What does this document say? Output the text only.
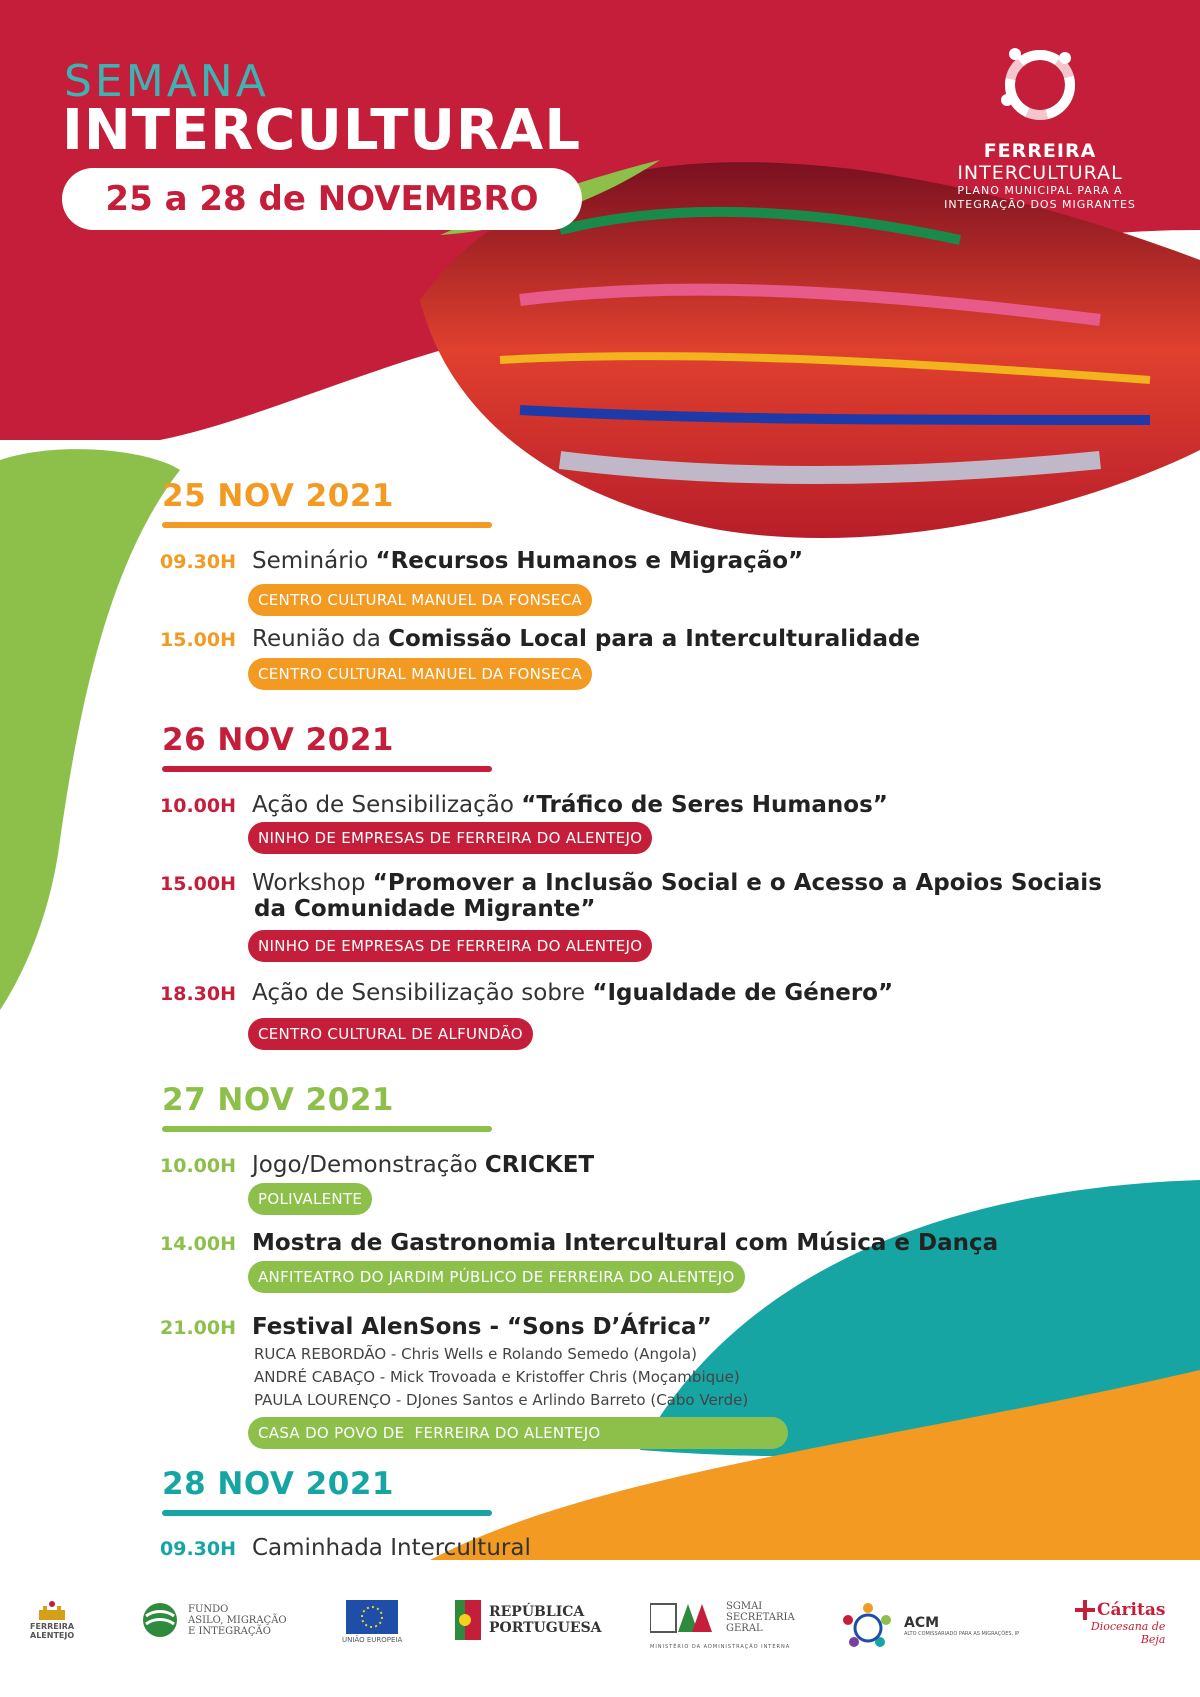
SEMANA
INTERCULTURAL
25 a 28 de NOVEMBRO
FERREIRA
INTERCULTURAL
PLANO MUNICIPAL PARA A
INTEGRAÇÃO DOS MIGRANTES
25 NOV 2021
09.30H Seminário “Recursos Humanos e Migração”
CENTRO CULTURAL MANUEL DA FONSECA
15.00H Reunião da Comissão Local para a Interculturalidade
CENTRO CULTURAL MANUEL DA FONSECA
26 NOV 2021
10.00H Ação de Sensibilização “Tráfico de Seres Humanos”
NINHO DE EMPRESAS DE FERREIRA DO ALENTEJO
15.00H Workshop “Promover a Inclusão Social e o Acesso a Apoios Sociais
da Comunidade Migrante”
NINHO DE EMPRESAS DE FERREIRA DO ALENTEJO
18.30H Ação de Sensibilização sobre “Igualdade de Género”
CENTRO CULTURAL DE ALFUNDÃO
27 NOV 2021
10.00H Jogo/Demonstração CRICKET
POLIVALENTE
14.00H Mostra de Gastronomia Intercultural com Música e Dança
ANFITEATRO DO JARDIM PÚBLICO DE FERREIRA DO ALENTEJO
21.00H Festival AlenSons - “Sons D’África”
RUCA REBORDÃO - Chris Wells e Rolando Semedo (Angola)
ANDRÉ CABAÇO - Mick Trovoada e Kristoffer Chris (Moçambique)
PAULA LOURENÇO - DJones Santos e Arlindo Barreto (Cabo Verde)
CASA DO POVO DE  FERREIRA DO ALENTEJO
28 NOV 2021
09.30H Caminhada Intercultural
FERREIRA
ALENTEJO
FUNDO
ASILO, MIGRAÇÃO
E INTEGRAÇÃO
UNIÃO EUROPEIA
REPÚBLICA
PORTUGUESA
SGMAI
SECRETARIA
GERAL
MINISTÉRIO DA ADMINISTRAÇÃO INTERNA
ACM
ALTO COMISSARIADO PARA AS MIGRAÇÕES, IP
Cáritas
Diocesana de
Beja
